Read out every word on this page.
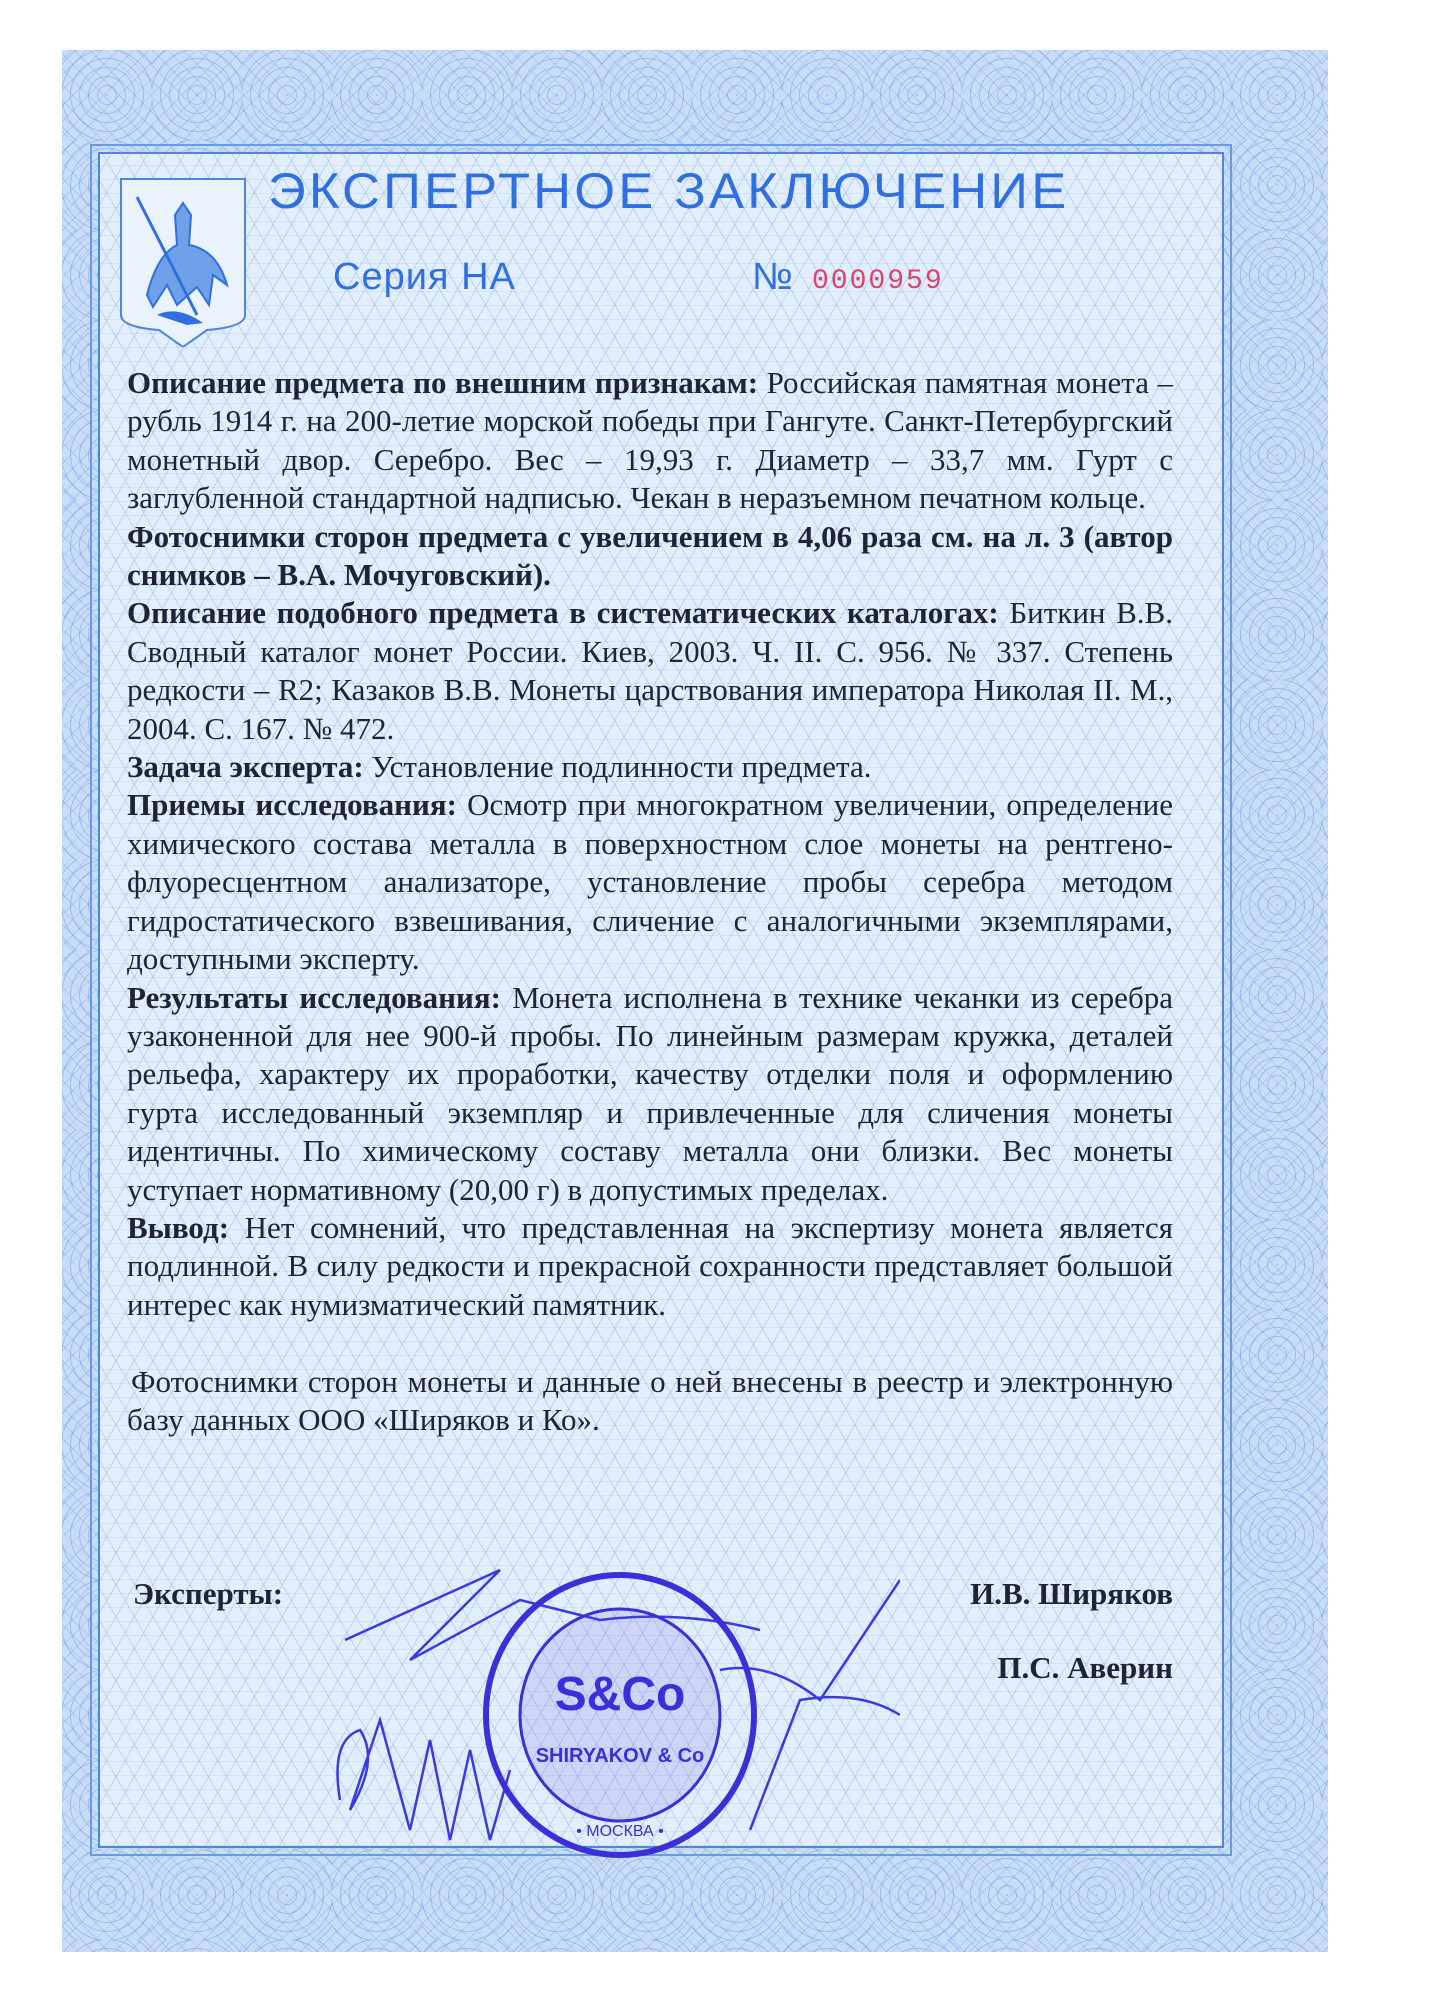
ЭКСПЕРТНОЕ ЗАКЛЮЧЕНИЕ
Серия НА	№ 0000959

Описание предмета по внешним признакам: Российская памятная монета – рубль 1914 г. на 200-летие морской победы при Гангуте. Санкт-Петербургский монетный двор. Серебро. Вес – 19,93 г. Диаметр – 33,7 мм. Гурт с заглубленной стандартной надписью. Чекан в неразъемном печатном кольце.

Фотоснимки сторон предмета с увеличением в 4,06 раза см. на л. 3 (автор снимков – В.А. Мочуговский).

Описание подобного предмета в систематических каталогах: Биткин В.В. Сводный каталог монет России. Киев, 2003. Ч. II. С. 956. № 337. Степень редкости – R2; Казаков В.В. Монеты царствования императора Николая II. М., 2004. С. 167. № 472.

Задача эксперта: Установление подлинности предмета.

Приемы исследования: Осмотр при многократном увеличении, определение химического состава металла в поверхностном слое монеты на рентгено-флуоресцентном анализаторе, установление пробы серебра методом гидростатического взвешивания, сличение с аналогичными экземплярами, доступными эксперту.

Результаты исследования: Монета исполнена в технике чеканки из серебра узаконенной для нее 900-й пробы. По линейным размерам кружка, деталей рельефа, характеру их проработки, качеству отделки поля и оформлению гурта исследованный экземпляр и привлеченные для сличения монеты идентичны. По химическому составу металла они близки. Вес монеты уступает нормативному (20,00 г) в допустимых пределах.

Вывод: Нет сомнений, что представленная на экспертизу монета является подлинной. В силу редкости и прекрасной сохранности представляет большой интерес как нумизматический памятник.

Фотоснимки сторон монеты и данные о ней внесены в реестр и электронную базу данных ООО «Ширяков и Ко».

S&Co
SHIRYAKOV & Co
• МОСКВА •
Эксперты:	И.В. Ширяков
П.С. Аверин
